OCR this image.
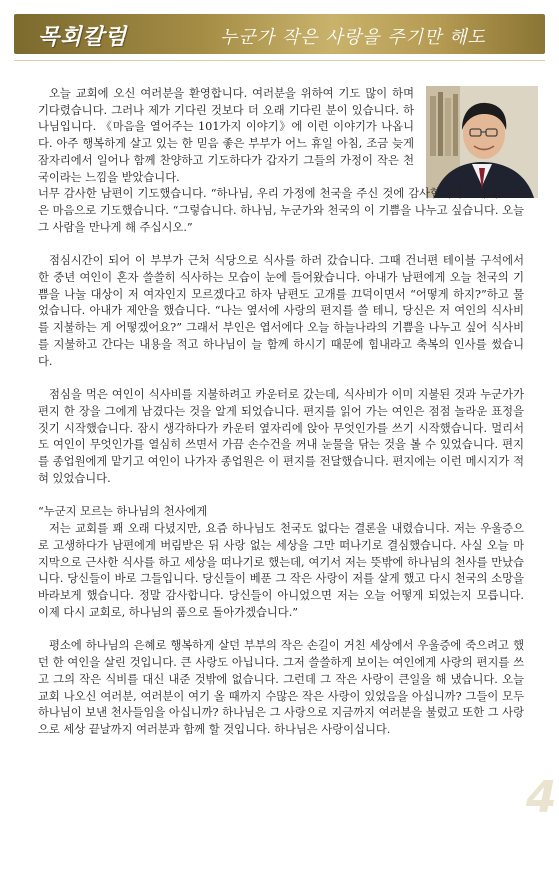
목회칼럼	누군가 작은 사랑을 주기만 해도

오늘 교회에 오신 여러분을 환영합니다. 여러분을 위하여 기도 많이 하며 기다렸습니다. 그러나 제가 기다린 것보다 더 오래 기다린 분이 있습니다. 하나님입니다. 《마음을 열어주는 101가지 이야기》에 이런 이야기가 나옵니다. 아주 행복하게 살고 있는 한 믿음 좋은 부부가 어느 휴일 아침, 조금 늦게 잠자리에서 일어나 함께 찬양하고 기도하다가 갑자기 그들의 가정이 작은 천국이라는 느낌을 받았습니다.

너무 감사한 남편이 기도했습니다. “하나님, 우리 가정에 천국을 주신 것에 감사합니다.” 아내도 같은 마음으로 기도했습니다. “그렇습니다. 하나님, 누군가와 천국의 이 기쁨을 나누고 싶습니다. 오늘 그 사람을 만나게 해 주십시오.”

점심시간이 되어 이 부부가 근처 식당으로 식사를 하러 갔습니다. 그때 건너편 테이블 구석에서 한 중년 여인이 혼자 쓸쓸히 식사하는 모습이 눈에 들어왔습니다. 아내가 남편에게 오늘 천국의 기쁨을 나눌 대상이 저 여자인지 모르겠다고 하자 남편도 고개를 끄덕이면서 “어떻게 하지?”하고 물었습니다. 아내가 제안을 했습니다. “나는 옆서에 사랑의 편지를 쓸 테니, 당신은 저 여인의 식사비를 지불하는 게 어떻겠어요?” 그래서 부인은 엽서에다 오늘 하늘나라의 기쁨을 나누고 싶어 식사비를 지불하고 간다는 내용을 적고 하나님이 늘 함께 하시기 때문에 힘내라고 축복의 인사를 썼습니다.

점심을 먹은 여인이 식사비를 지불하려고 카운터로 갔는데, 식사비가 이미 지불된 것과 누군가가 편지 한 장을 그에게 남겼다는 것을 알게 되었습니다. 편지를 읽어 가는 여인은 점점 놀라운 표정을 짓기 시작했습니다. 잠시 생각하다가 카운터 옆자리에 앉아 무엇인가를 쓰기 시작했습니다. 멀리서도 여인이 무엇인가를 열심히 쓰면서 가끔 손수건을 꺼내 눈물을 닦는 것을 볼 수 있었습니다. 편지를 종업원에게 맡기고 여인이 나가자 종업원은 이 편지를 전달했습니다. 편지에는 이런 메시지가 적혀 있었습니다.

“누군지 모르는 하나님의 천사에게
저는 교회를 꽤 오래 다녔지만, 요즘 하나님도 천국도 없다는 결론을 내렸습니다. 저는 우울증으로 고생하다가 남편에게 버림받은 뒤 사랑 없는 세상을 그만 떠나기로 결심했습니다. 사실 오늘 마지막으로 근사한 식사를 하고 세상을 떠나기로 했는데, 여기서 저는 뜻밖에 하나님의 천사를 만났습니다. 당신들이 바로 그들입니다. 당신들이 베푼 그 작은 사랑이 저를 살게 했고 다시 천국의 소망을 바라보게 했습니다. 정말 감사합니다. 당신들이 아니었으면 저는 오늘 어떻게 되었는지 모릅니다. 이제 다시 교회로, 하나님의 품으로 돌아가겠습니다.”

평소에 하나님의 은혜로 행복하게 살던 부부의 작은 손길이 거친 세상에서 우울증에 죽으려고 했던 한 여인을 살린 것입니다. 큰 사랑도 아닙니다. 그저 쓸쓸하게 보이는 여인에게 사랑의 편지를 쓰고 그의 작은 식비를 대신 내준 것밖에 없습니다. 그런데 그 작은 사랑이 큰일을 해 냈습니다. 오늘 교회 나오신 여러분, 여러분이 여기 올 때까지 수많은 작은 사랑이 있었음을 아십니까? 그들이 모두 하나님이 보낸 천사들임을 아십니까? 하나님은 그 사랑으로 지금까지 여러분을 불렀고 또한 그 사랑으로 세상 끝날까지 여러분과 함께 할 것입니다. 하나님은 사랑이십니다.

4
